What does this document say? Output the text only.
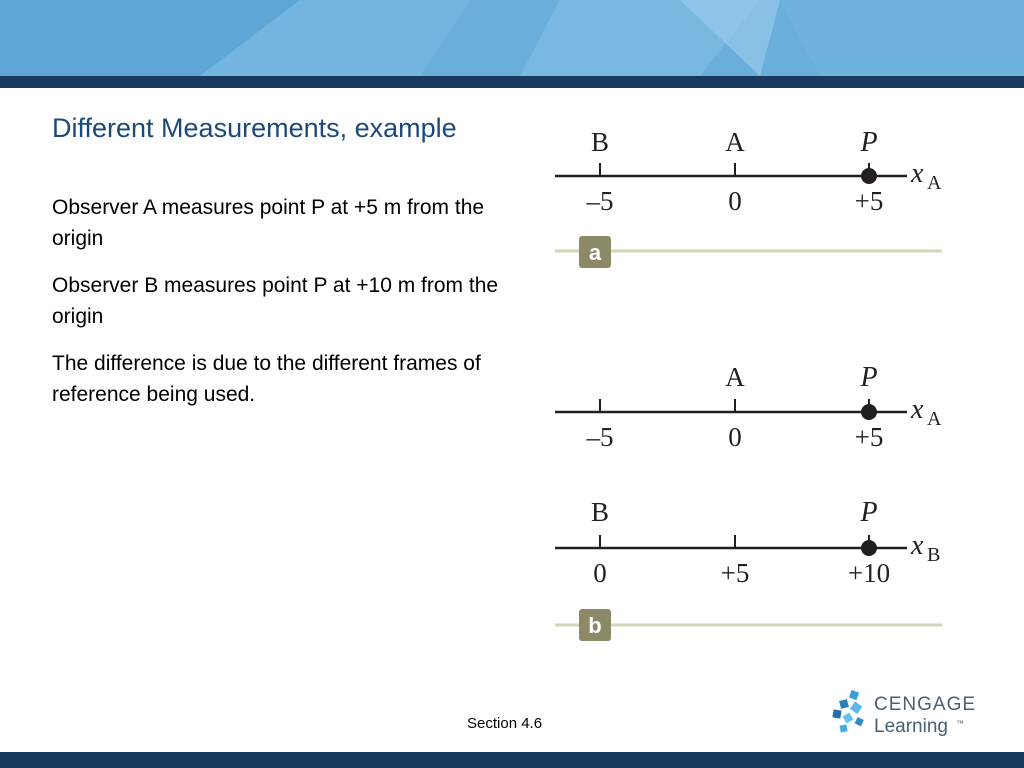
Different Measurements, example

Observer A measures point P at +5 m from the origin

Observer B measures point P at +10 m from the origin

The difference is due to the different frames of reference being used.

B	A	P
x A
–5	0	+5
a
A	P
x A
–5	0	+5
B	P
x B
0	+5	+10
b
Section 4.6
CENGAGE
Learning ™
